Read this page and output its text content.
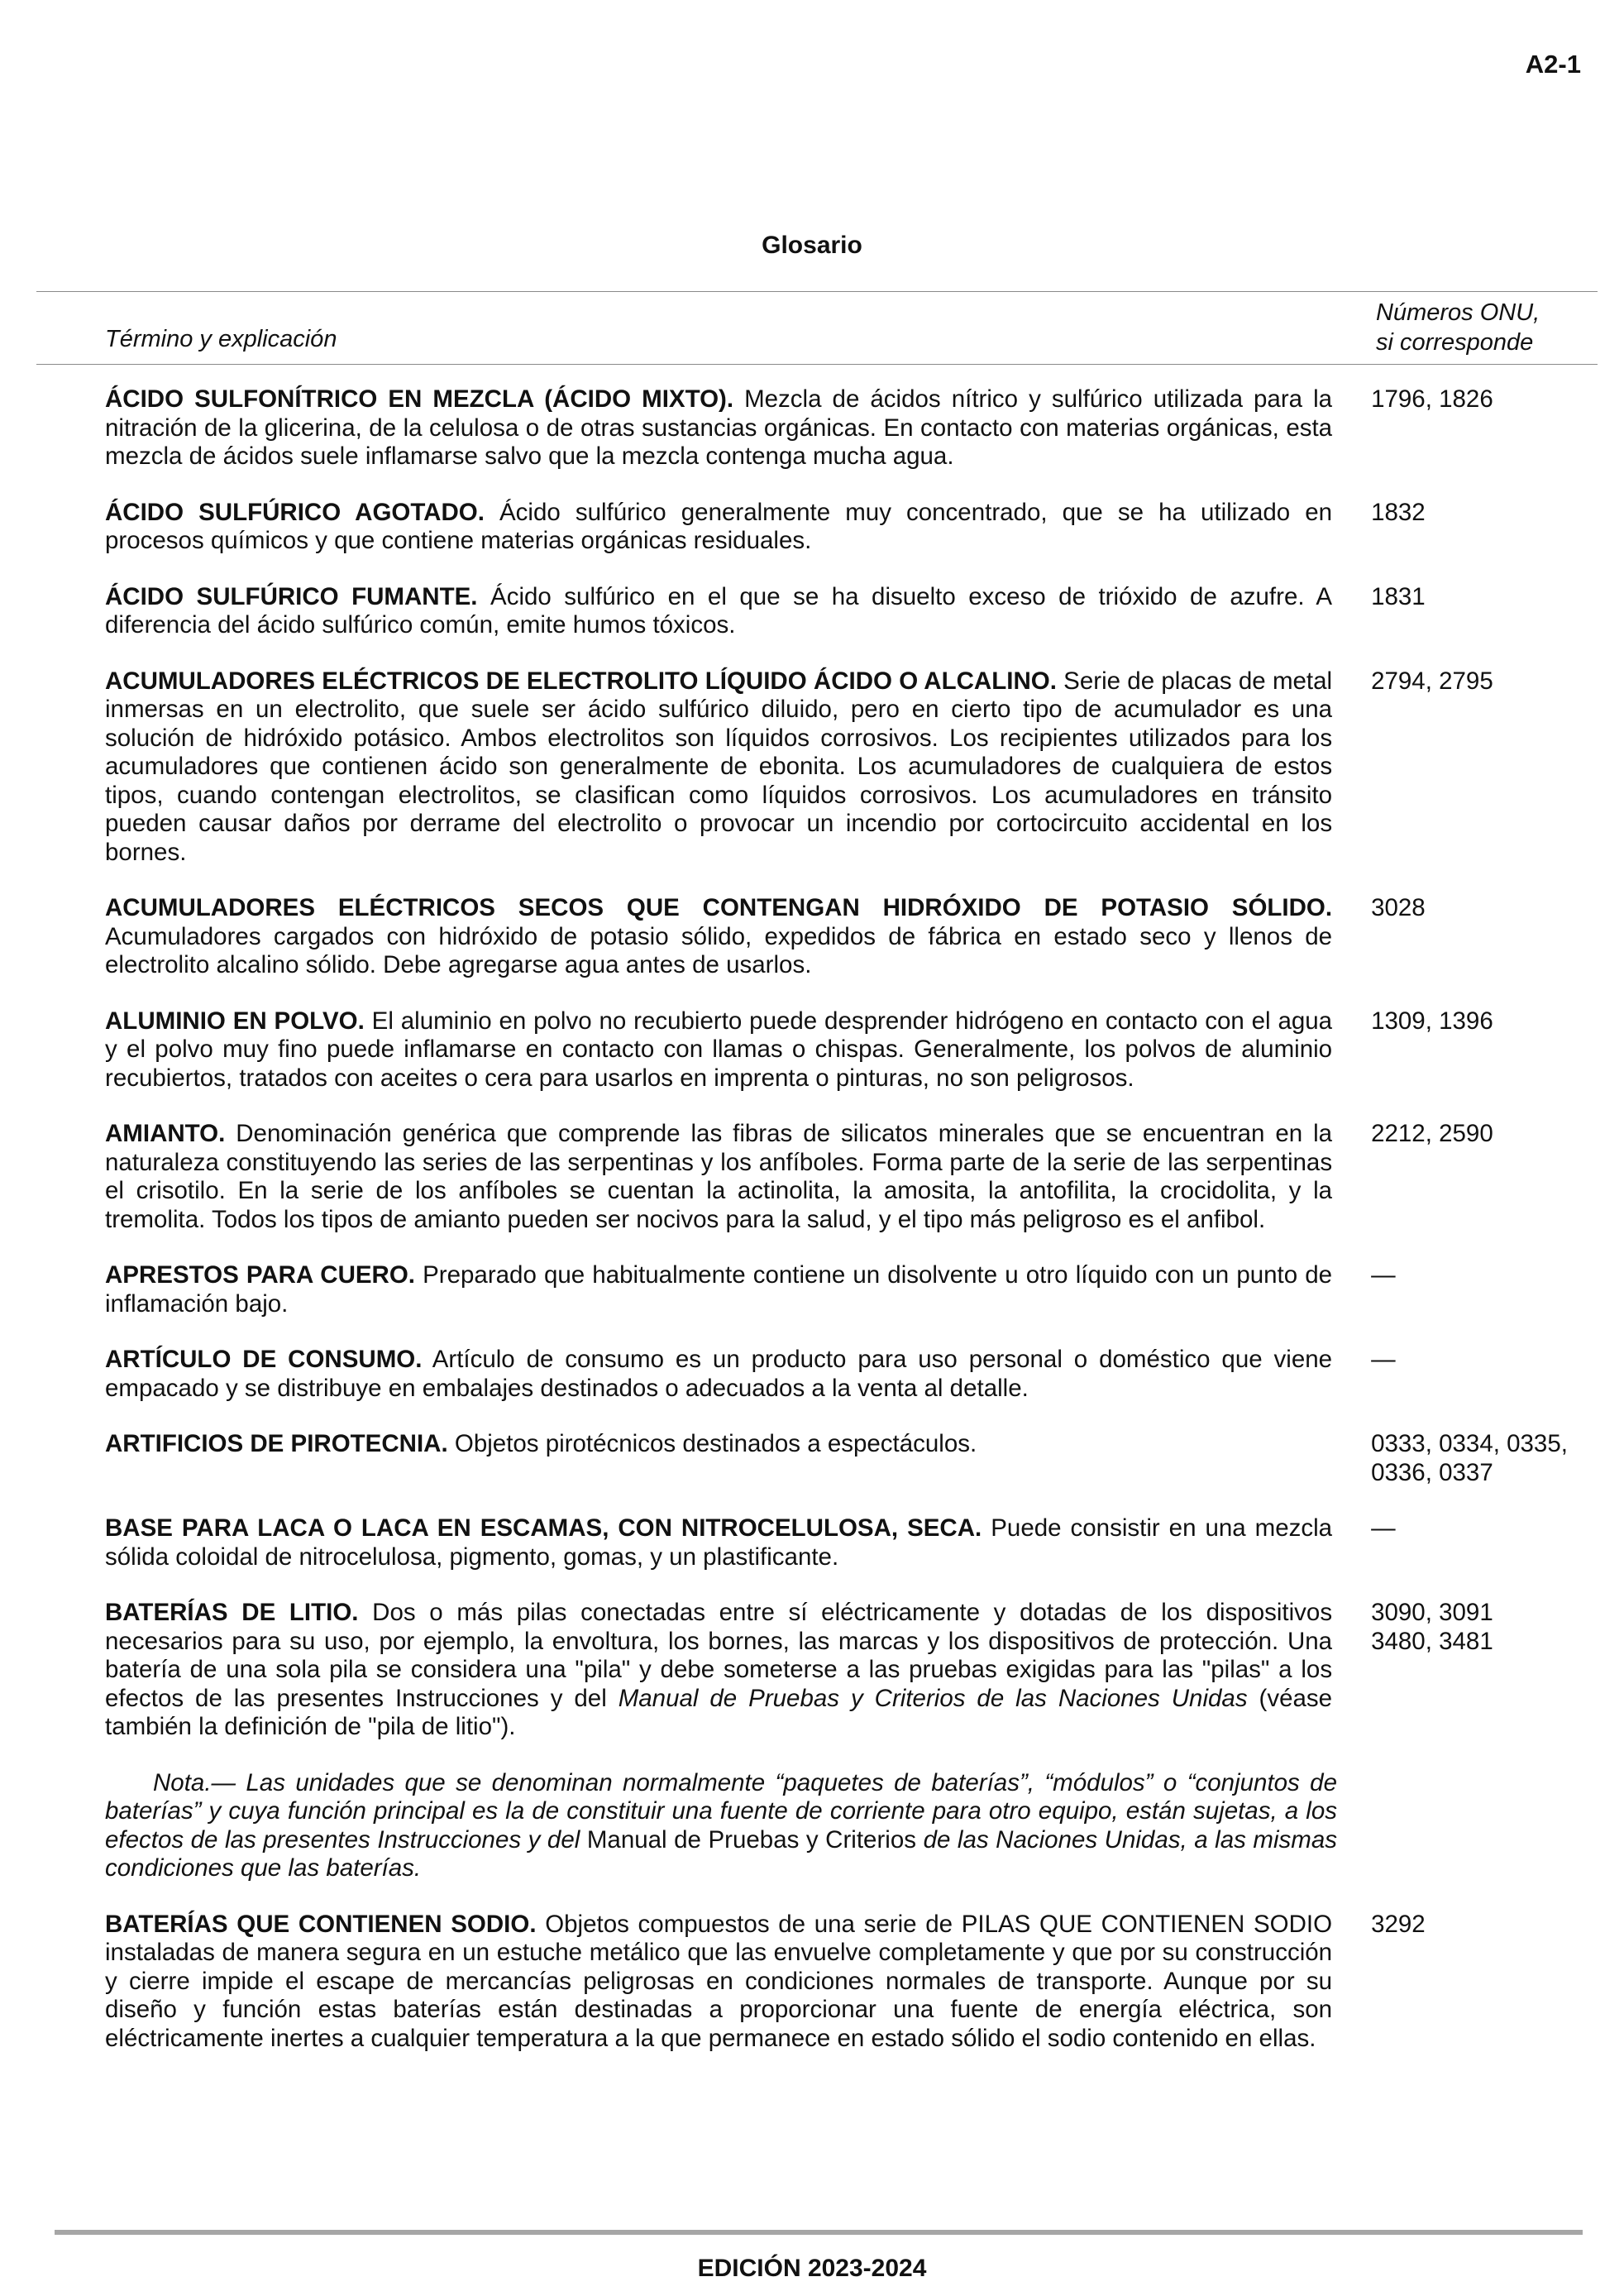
A2-1
Glosario
Término y explicación
Números ONU,
si corresponde
ÁCIDO SULFONÍTRICO EN MEZCLA (ÁCIDO MIXTO). Mezcla de ácidos nítrico y sulfúrico utilizada para la nitración de la glicerina, de la celulosa o de otras sustancias orgánicas. En contacto con materias orgánicas, esta mezcla de ácidos suele inflamarse salvo que la mezcla contenga mucha agua.
1796, 1826
ÁCIDO SULFÚRICO AGOTADO. Ácido sulfúrico generalmente muy concentrado, que se ha utilizado en procesos químicos y que contiene materias orgánicas residuales.
1832
ÁCIDO SULFÚRICO FUMANTE. Ácido sulfúrico en el que se ha disuelto exceso de trióxido de azufre. A diferencia del ácido sulfúrico común, emite humos tóxicos.
1831
ACUMULADORES ELÉCTRICOS DE ELECTROLITO LÍQUIDO ÁCIDO O ALCALINO. Serie de placas de metal inmersas en un electrolito, que suele ser ácido sulfúrico diluido, pero en cierto tipo de acumulador es una solución de hidróxido potásico. Ambos electrolitos son líquidos corrosivos. Los recipientes utilizados para los acumuladores que contienen ácido son generalmente de ebonita. Los acumuladores de cualquiera de estos tipos, cuando contengan electrolitos, se clasifican como líquidos corrosivos. Los acumuladores en tránsito pueden causar daños por derrame del electrolito o provocar un incendio por cortocircuito accidental en los bornes.
2794, 2795
ACUMULADORES ELÉCTRICOS SECOS QUE CONTENGAN HIDRÓXIDO DE POTASIO SÓLIDO. Acumuladores cargados con hidróxido de potasio sólido, expedidos de fábrica en estado seco y llenos de electrolito alcalino sólido. Debe agregarse agua antes de usarlos.
3028
ALUMINIO EN POLVO. El aluminio en polvo no recubierto puede desprender hidrógeno en contacto con el agua y el polvo muy fino puede inflamarse en contacto con llamas o chispas. Generalmente, los polvos de aluminio recubiertos, tratados con aceites o cera para usarlos en imprenta o pinturas, no son peligrosos.
1309, 1396
AMIANTO. Denominación genérica que comprende las fibras de silicatos minerales que se encuentran en la naturaleza constituyendo las series de las serpentinas y los anfíboles. Forma parte de la serie de las serpentinas el crisotilo. En la serie de los anfíboles se cuentan la actinolita, la amosita, la antofilita, la crocidolita, y la tremolita. Todos los tipos de amianto pueden ser nocivos para la salud, y el tipo más peligroso es el anfibol.
2212, 2590
APRESTOS PARA CUERO. Preparado que habitualmente contiene un disolvente u otro líquido con un punto de inflamación bajo.
—
ARTÍCULO DE CONSUMO. Artículo de consumo es un producto para uso personal o doméstico que viene empacado y se distribuye en embalajes destinados o adecuados a la venta al detalle.
—
ARTIFICIOS DE PIROTECNIA. Objetos pirotécnicos destinados a espectáculos.	0333, 0334, 0335, 0336, 0337
BASE PARA LACA O LACA EN ESCAMAS, CON NITROCELULOSA, SECA. Puede consistir en una mezcla sólida coloidal de nitrocelulosa, pigmento, gomas, y un plastificante.
—
BATERÍAS DE LITIO. Dos o más pilas conectadas entre sí eléctricamente y dotadas de los dispositivos necesarios para su uso, por ejemplo, la envoltura, los bornes, las marcas y los dispositivos de protección. Una batería de una sola pila se considera una "pila" y debe someterse a las pruebas exigidas para las "pilas" a los efectos de las presentes Instrucciones y del Manual de Pruebas y Criterios de las Naciones Unidas (véase también la definición de "pila de litio").
3090, 3091
3480, 3481
Nota.— Las unidades que se denominan normalmente “paquetes de baterías”, “módulos” o “conjuntos de baterías” y cuya función principal es la de constituir una fuente de corriente para otro equipo, están sujetas, a los efectos de las presentes Instrucciones y del Manual de Pruebas y Criterios de las Naciones Unidas, a las mismas condiciones que las baterías.
BATERÍAS QUE CONTIENEN SODIO. Objetos compuestos de una serie de PILAS QUE CONTIENEN SODIO instaladas de manera segura en un estuche metálico que las envuelve completamente y que por su construcción y cierre impide el escape de mercancías peligrosas en condiciones normales de transporte. Aunque por su diseño y función estas baterías están destinadas a proporcionar una fuente de energía eléctrica, son eléctricamente inertes a cualquier temperatura a la que permanece en estado sólido el sodio contenido en ellas.
3292
EDICIÓN 2023-2024
